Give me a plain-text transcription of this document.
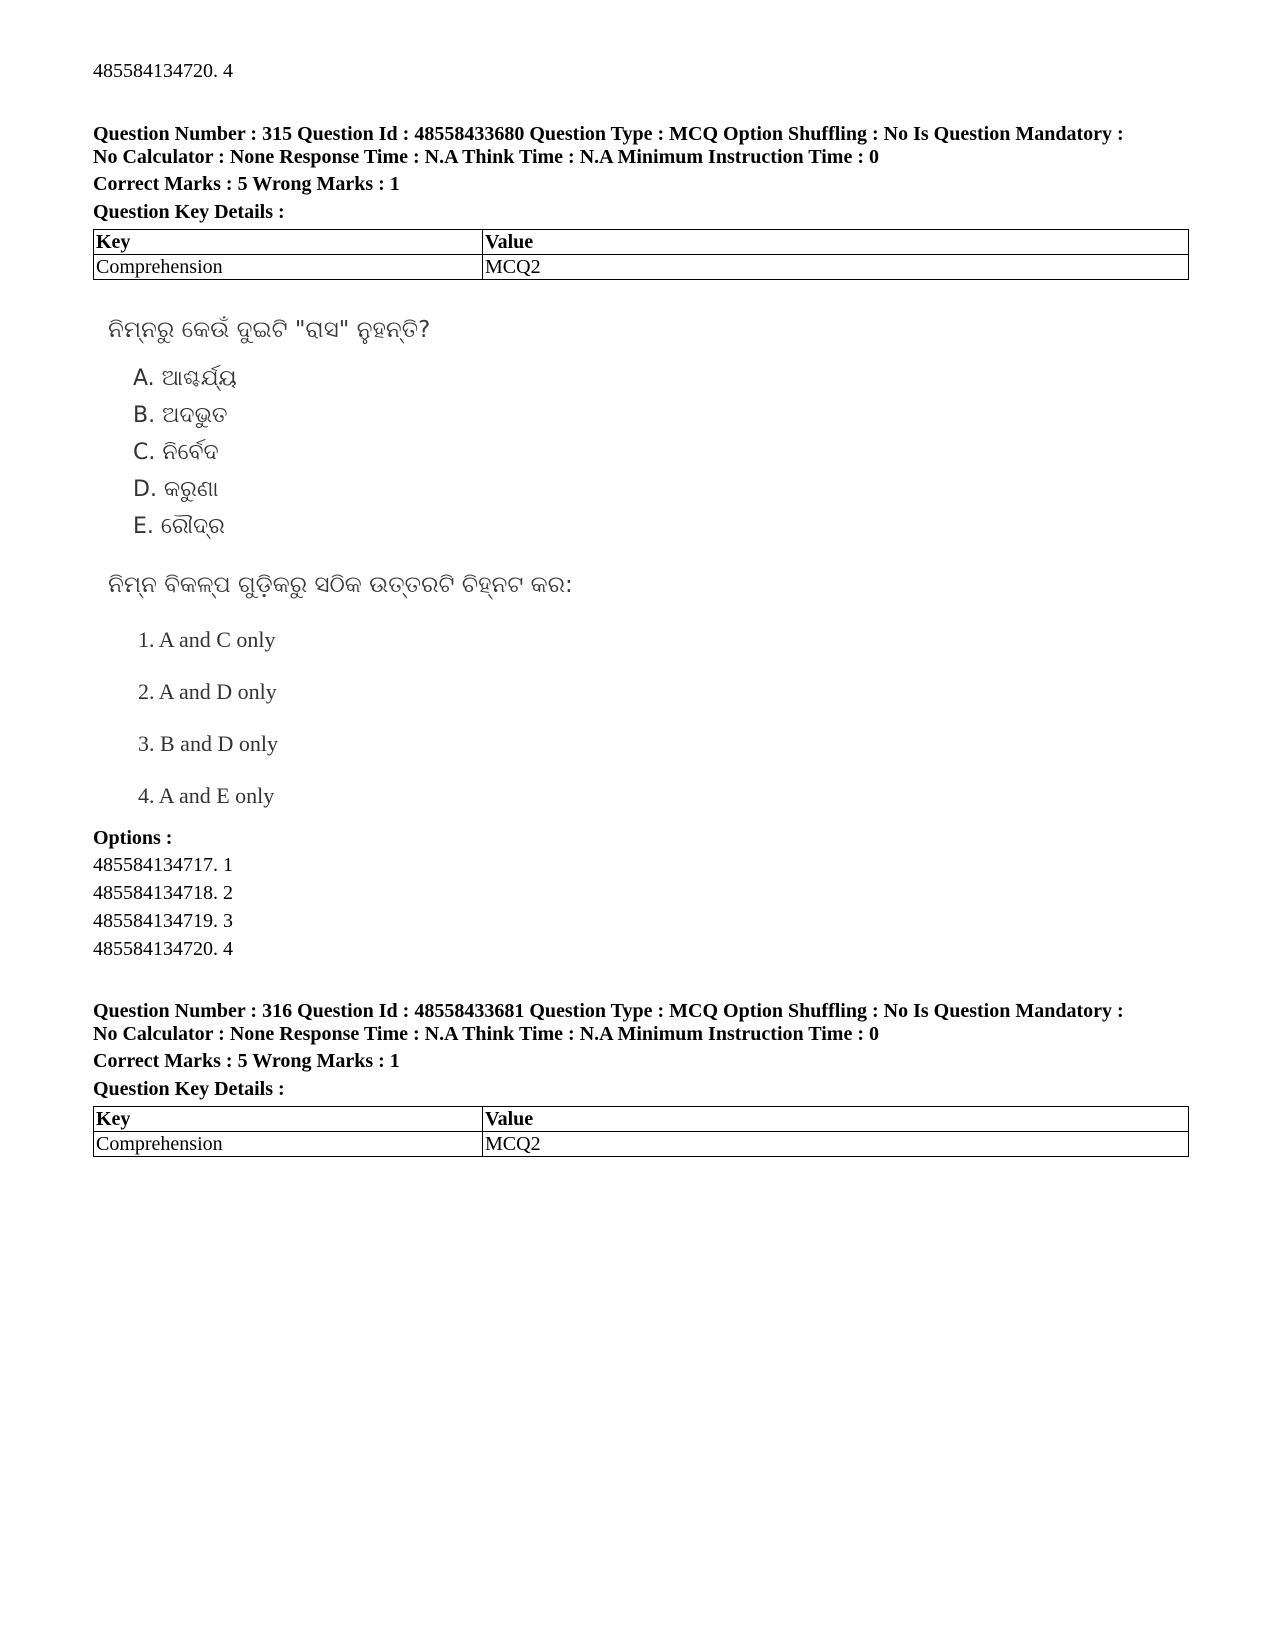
485584134720. 4
Question Number : 315 Question Id : 48558433680 Question Type : MCQ Option Shuffling : No Is Question Mandatory :
No Calculator : None Response Time : N.A Think Time : N.A Minimum Instruction Time : 0
Correct Marks : 5 Wrong Marks : 1
Question Key Details :
Key	Value
Comprehension	MCQ2
ନିମ୍ନରୁ କେଉଁ ଦୁଇଟି "ରାସ" ନୁହନ୍ତି?
A. ଆଶ୍ଚର୍ଯ୍ୟ
B. ଅଦଭୁତ
C. ନିର୍ବେଦ
D. କରୁଣା
E. ରୌଦ୍ର
ନିମ୍ନ ବିକଳ୍ପ ଗୁଡ଼ିକରୁ ସଠିକ ଉତ୍ତରଟି ଚିହ୍ନଟ କର:
1. A and C only
2. A and D only
3. B and D only
4. A and E only
Options :
485584134717. 1
485584134718. 2
485584134719. 3
485584134720. 4
Question Number : 316 Question Id : 48558433681 Question Type : MCQ Option Shuffling : No Is Question Mandatory :
No Calculator : None Response Time : N.A Think Time : N.A Minimum Instruction Time : 0
Correct Marks : 5 Wrong Marks : 1
Question Key Details :
Key	Value
Comprehension	MCQ2
